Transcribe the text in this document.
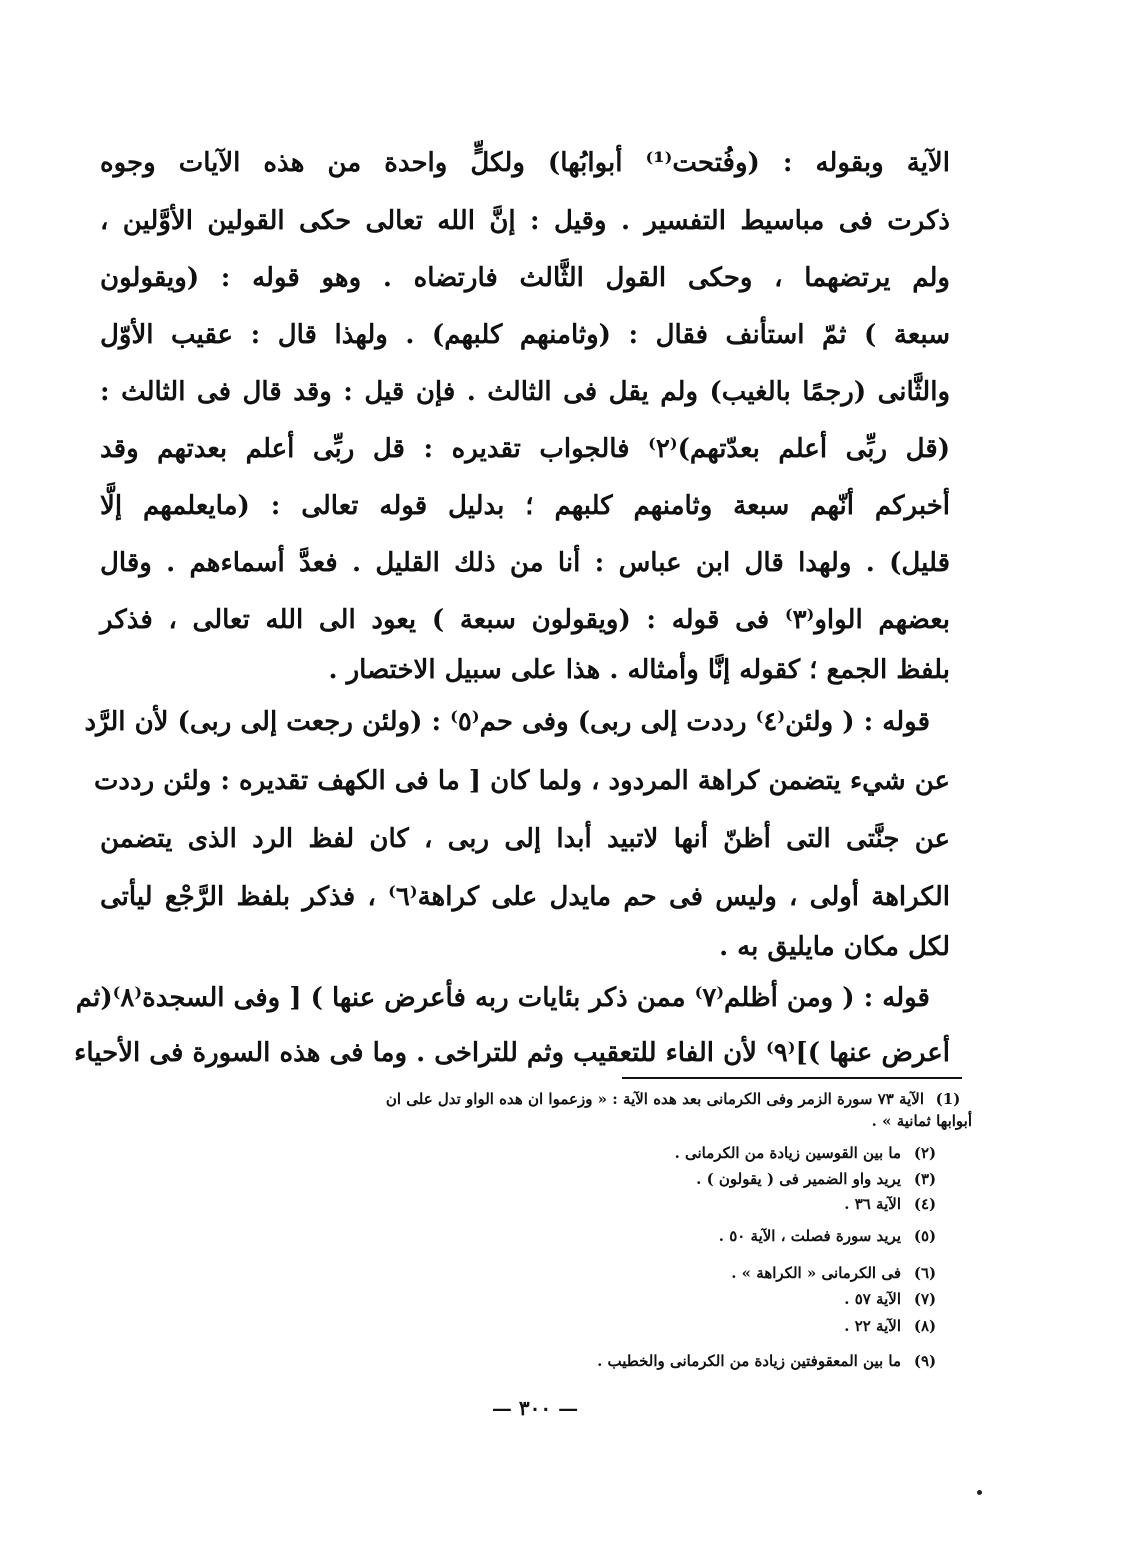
الآية وبقوله : (وفُتحت⁽¹⁾ أبوابُها) ولكلٍّ واحدة من هذه الآيات وجوه
ذكرت فى مباسيط التفسير . وقيل : إنَّ الله تعالى حكى القولين الأوَّلين ،
ولم يرتضهما ، وحكى القول الثَّالث فارتضاه . وهو قوله : (ويقولون
سبعة ) ثمّ استأنف فقال : (وثامنهم كلبهم) . ولهذا قال : عقيب الأوّل
والثَّانى (رجمًا بالغيب) ولم يقل فى الثالث . فإن قيل : وقد قال فى الثالث :
(قل ربِّى أعلم بعدّتهم)⁽٢⁾ فالجواب تقديره : قل ربِّى أعلم بعدتهم وقد
أخبركم أنّهم سبعة وثامنهم كلبهم ؛ بدليل قوله تعالى : (مايعلمهم إلَّا
قليل) . ولهدا قال ابن عباس : أنا من ذلك القليل . فعدَّ أسماءهم . وقال
بعضهم الواو⁽٣⁾ فى قوله : (ويقولون سبعة ) يعود الى الله تعالى ، فذكر
بلفظ الجمع ؛ كقوله إنَّا وأمثاله . هذا على سبيل الاختصار .
قوله : ( ولئن⁽٤⁾ رددت إلى ربى) وفى حم⁽٥⁾ : (ولئن رجعت إلى ربى) لأن الرَّد
عن شيء يتضمن كراهة المردود ، ولما كان [ ما فى الكهف تقديره : ولئن رددت
عن جنَّتى التى أظنّ أنها لاتبيد أبدا إلى ربى ، كان لفظ الرد الذى يتضمن
الكراهة أولى ، وليس فى حم مايدل على كراهة⁽٦⁾ ، فذكر بلفظ الرَّجْع ليأتى
لكل مكان مايليق به .
قوله : ( ومن أظلم⁽٧⁾ ممن ذكر بئايات ربه فأعرض عنها ) [ وفى السجدة⁽٨⁾(ثم
أعرض عنها )]⁽٩⁾ لأن الفاء للتعقيب وثم للتراخى . وما فى هذه السورة فى الأحياء
(1)الآية ٧٣ سورة الزمر وفى الكرمانى بعد هده الآية : « وزعموا ان هده الواو تدل على ان
أبوابها ثمانية » .
(٢)ما بين القوسين زيادة من الكرمانى .
(٣)يريد واو الضمير فى ( يقولون ) .
(٤)الآية ٣٦ .
(٥)يريد سورة فصلت ، الآية ٥٠ .
(٦)فى الكرمانى « الكراهة » .
(٧)الآية ٥٧ .
(٨)الآية ٢٢ .
(٩)ما بين المعقوفتين زيادة من الكرمانى والخطيب .
— ٣٠٠ —
